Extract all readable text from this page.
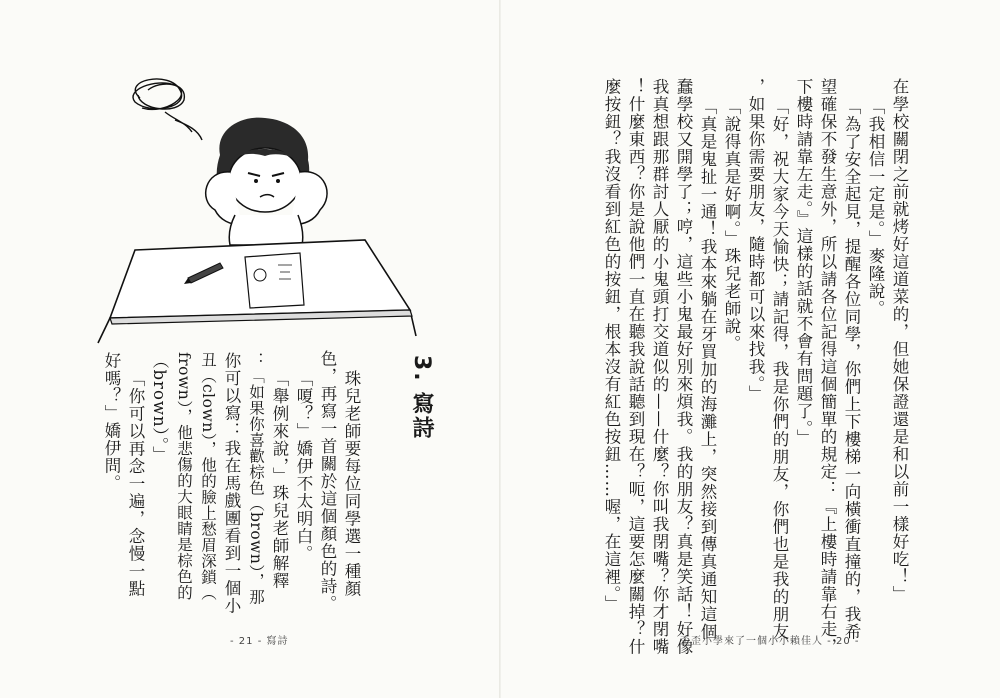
3. 寫詩
珠兒老師要每位同學選一種顏
色，再寫一首關於這個顏色的詩。
「嗄？」嬌伊不太明白。
「舉例來說，」珠兒老師解釋
：「如果你喜歡棕色（brown），那
你可以寫：我在馬戲團看到一個小
丑（clown），他的臉上愁眉深鎖（
frown），他悲傷的大眼睛是棕色的
（brown）。」
「你可以再念一遍，念慢一點
好嗎？」嬌伊問。
- 21 - 寫詩
在學校關閉之前就烤好這道菜的，但她保證還是和以前一樣好吃！」
「我相信一定是。」麥隆說。
「為了安全起見，提醒各位同學，你們上下樓梯一向橫衝直撞的，我希
望確保不發生意外，所以請各位記得這個簡單的規定：『上樓時請靠右走，
下樓時請靠左走。』這樣的話就不會有問題了。」
「好，祝大家今天愉快；請記得，我是你們的朋友，你們也是我的朋友
，如果你需要朋友，隨時都可以來找我。」
「說得真是好啊。」珠兒老師說。
「真是鬼扯一通！我本來躺在牙買加的海灘上，突然接到傳真通知這個
蠢學校又開學了；哼，這些小鬼最好別來煩我。我的朋友？真是笑話！好像
我真想跟那群討人厭的小鬼頭打交道似的——什麼？你叫我閉嘴？你才閉嘴
！什麼東西？你是說他們一直在聽我說話聽到現在？呃，這要怎麼關掉？什
麼按鈕？我沒看到紅色的按鈕，根本沒有紅色按鈕……喔，在這裡。」
歪歪小學來了一個小小賴佳人 - 20 -
